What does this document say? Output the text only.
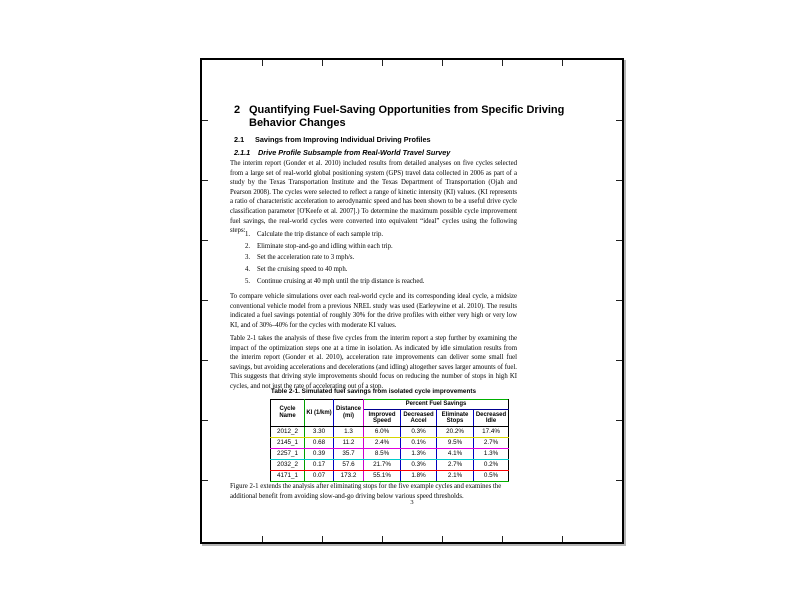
2 Quantifying Fuel-Saving Opportunities from Specific Driving Behavior Changes
2.1	Savings from Improving Individual Driving Profiles
2.1.1	Drive Profile Subsample from Real-World Travel Survey
The interim report (Gonder et al. 2010) included results from detailed analyses on five cycles selected from a large set of real-world global positioning system (GPS) travel data collected in 2006 as part of a study by the Texas Transportation Institute and the Texas Department of Transportation (Ojah and Pearson 2008). The cycles were selected to reflect a range of kinetic intensity (KI) values. (KI represents a ratio of characteristic acceleration to aerodynamic speed and has been shown to be a useful drive cycle classification parameter [O'Keefe et al. 2007].) To determine the maximum possible cycle improvement fuel savings, the real-world cycles were converted into equivalent “ideal” cycles using the following steps:
1.	Calculate the trip distance of each sample trip.
2.	Eliminate stop-and-go and idling within each trip.
3.	Set the acceleration rate to 3 mph/s.
4.	Set the cruising speed to 40 mph.
5.	Continue cruising at 40 mph until the trip distance is reached.
To compare vehicle simulations over each real-world cycle and its corresponding ideal cycle, a midsize conventional vehicle model from a previous NREL study was used (Earleywine et al. 2010). The results indicated a fuel savings potential of roughly 30% for the drive profiles with either very high or very low KI, and of 30%–40% for the cycles with moderate KI values.
Table 2-1 takes the analysis of these five cycles from the interim report a step further by examining the impact of the optimization steps one at a time in isolation. As indicated by idle simulation results from the interim report (Gonder et al. 2010), acceleration rate improvements can deliver some small fuel savings, but avoiding accelerations and decelerations (and idling) altogether saves larger amounts of fuel. This suggests that driving style improvements should focus on reducing the number of stops in high KI cycles, and not just the rate of accelerating out of a stop.
Table 2-1. Simulated fuel savings from isolated cycle improvements
Cycle Name	KI (1/km)	Distance (mi)	Percent Fuel Savings			
			Improved Speed	Decreased Accel	Eliminate Stops	Decreased Idle
2012_2	3.30	1.3	6.0%	0.3%	20.2%	17.4%
2145_1	0.68	11.2	2.4%	0.1%	9.5%	2.7%
2257_1	0.39	35.7	8.5%	1.3%	4.1%	1.3%
2032_2	0.17	57.6	21.7%	0.3%	2.7%	0.2%
4171_1	0.07	173.2	55.1%	1.8%	2.1%	0.5%
Figure 2-1 extends the analysis after eliminating stops for the five example cycles and examines the additional benefit from avoiding slow-and-go driving below various speed thresholds.
3
